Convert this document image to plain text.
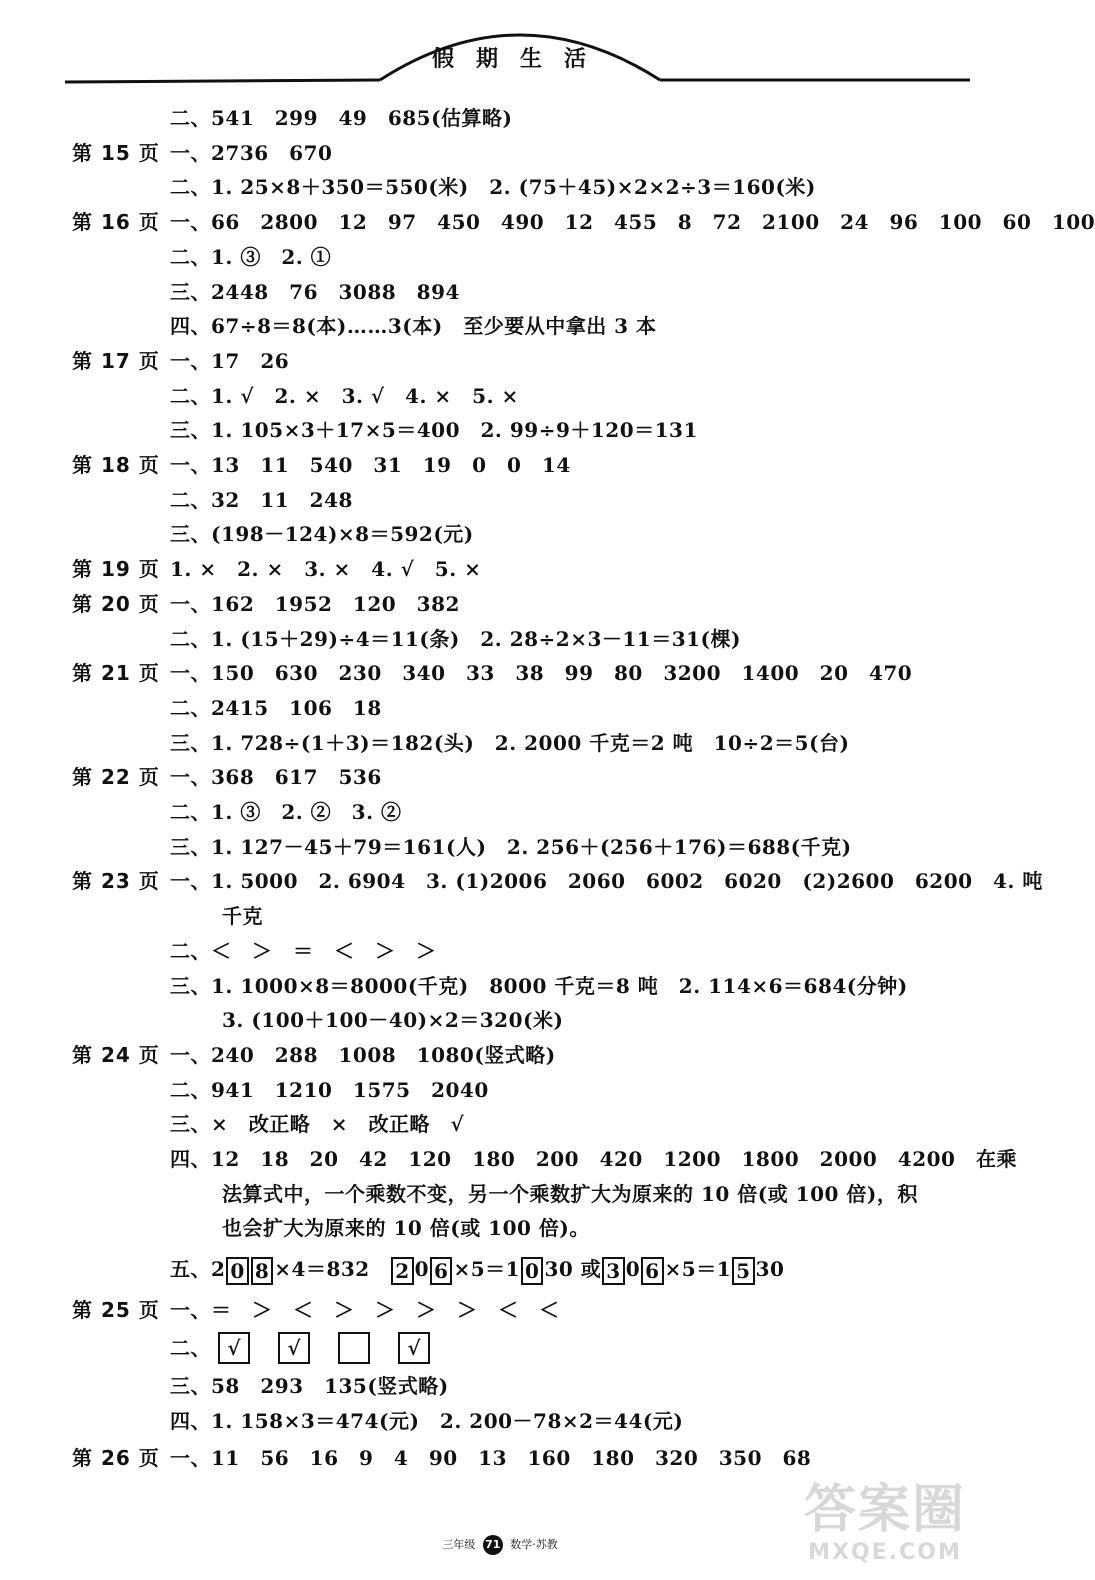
假期生活
二、541　299　49　685(估算略)
第 15 页 一、2736　670
二、1. 25×8＋350＝550(米)　2. (75＋45)×2×2÷3＝160(米)
第 16 页 一、66　2800　12　97　450　490　12　455　8　72　2100　24　96　100　60　100
二、1. ③　2. ①
三、2448　76　3088　894
四、67÷8＝8(本)……3(本)　至少要从中拿出 3 本
第 17 页 一、17　26
二、1. √　2. ×　3. √　4. ×　5. ×
三、1. 105×3＋17×5＝400　2. 99÷9＋120＝131
第 18 页 一、13　11　540　31　19　0　0　14
二、32　11　248
三、(198－124)×8＝592(元)
第 19 页 1. ×　2. ×　3. ×　4. √　5. ×
第 20 页 一、162　1952　120　382
二、1. (15＋29)÷4＝11(条)　2. 28÷2×3－11＝31(棵)
第 21 页 一、150　630　230　340　33　38　99　80　3200　1400　20　470
二、2415　106　18
三、1. 728÷(1＋3)＝182(头)　2. 2000 千克＝2 吨　10÷2＝5(台)
第 22 页 一、368　617　536
二、1. ③　2. ②　3. ②
三、1. 127－45＋79＝161(人)　2. 256＋(256＋176)＝688(千克)
第 23 页 一、1. 5000　2. 6904　3. (1)2006　2060　6002　6020　(2)2600　6200　4. 吨
千克
二、＜　＞　＝　＜　＞　＞
三、1. 1000×8＝8000(千克)　8000 千克＝8 吨　2. 114×6＝684(分钟)
3. (100＋100－40)×2＝320(米)
第 24 页 一、240　288　1008　1080(竖式略)
二、941　1210　1575　2040
三、×　改正略　×　改正略　√
四、12　18　20　42　120　180　200　420　1200　1800　2000　4200　在乘
法算式中，一个乘数不变，另一个乘数扩大为原来的 10 倍(或 100 倍)，积
也会扩大为原来的 10 倍(或 100 倍)。
五、2 0 8 ×4＝832　 2 0 6 ×5＝1 0 30 或 3 0 6 ×5＝1 5 30
第 25 页 一、＝　＞　＜　＞　＞　＞　＞　＜　＜
二、 √	√	√
三、58　293　135(竖式略)
四、1. 158×3＝474(元)　2. 200－78×2＝44(元)
第 26 页 一、11　56　16　9　4　90　13　160　180　320　350　68
三年级 71 数学·苏教
答案圈
MXQE.COM
